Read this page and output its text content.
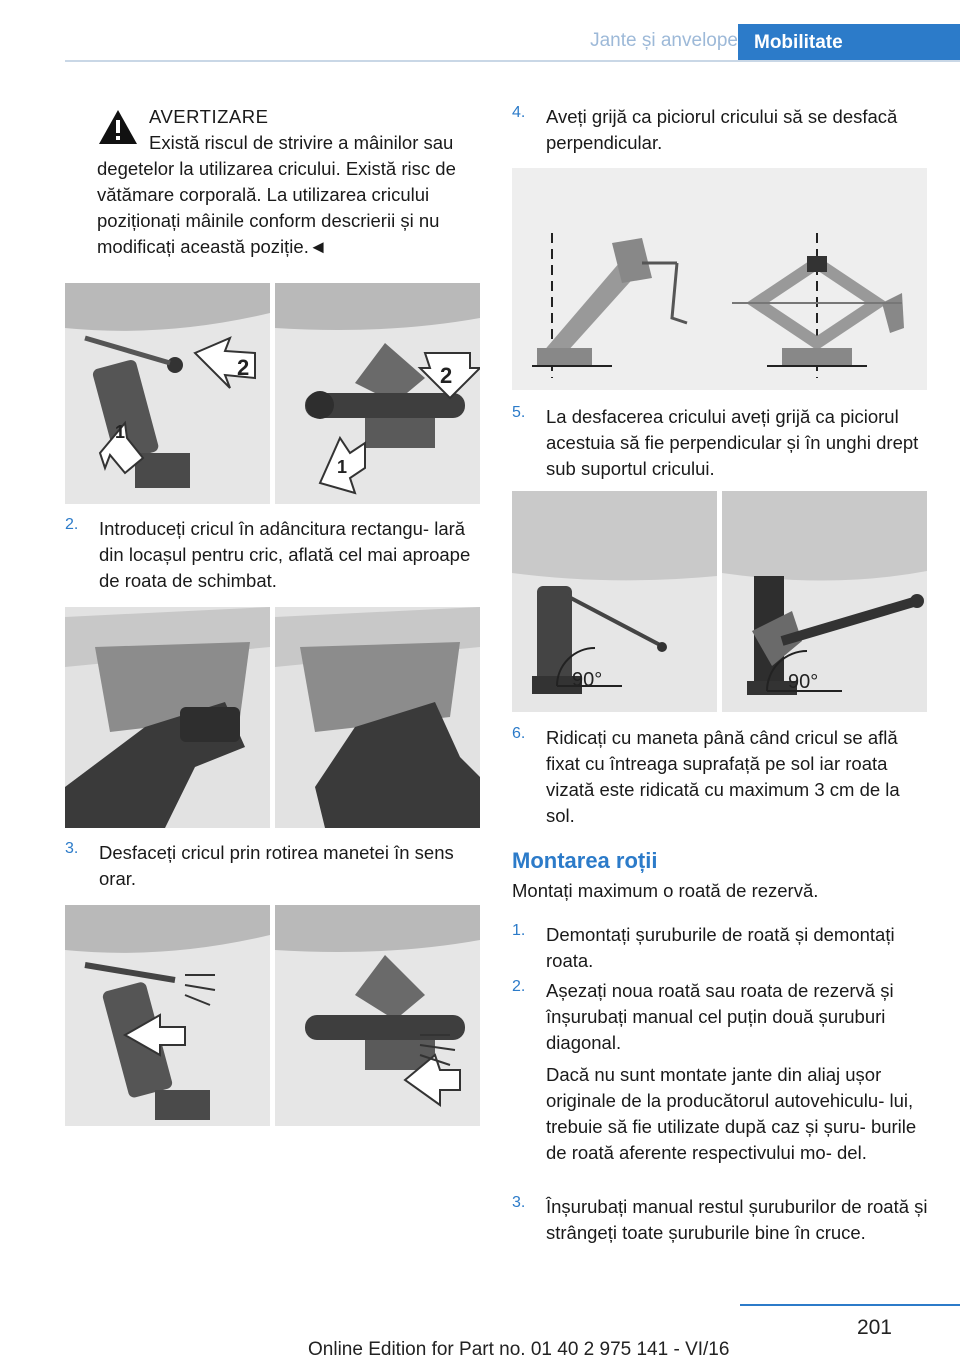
Jante și anvelope Mobilitate
AVERTIZARE
Există riscul de strivire a mâinilor sau
degetelor la utilizarea cricului. Există risc de vătămare corporală. La utilizarea cricului poziționați mâinile conform descrierii și nu modificați această poziție.◄
2
1
2
1
2.	Introduceți cricul în adâncitura rectangu- lară din locașul pentru cric, aflată cel mai aproape de roata de schimbat.
3.	Desfaceți cricul prin rotirea manetei în sens orar.
4.	Aveți grijă ca piciorul cricului să se desfacă perpendicular.
5.	La desfacerea cricului aveți grijă ca piciorul acestuia să fie perpendicular și în unghi drept sub suportul cricului.
90°	90°
6.	Ridicați cu maneta până când cricul se află fixat cu întreaga suprafață pe sol iar roata vizată este ridicată cu maximum 3 cm de la sol.
Montarea roții
Montați maximum o roată de rezervă.
1.	Demontați șuruburile de roată și demontați roata.
2.	Așezați noua roată sau roata de rezervă și înșurubați manual cel puțin două șuruburi diagonal.
Dacă nu sunt montate jante din aliaj ușor originale de la producătorul autovehiculu- lui, trebuie să fie utilizate după caz și șuru- burile de roată aferente respectivului mo- del.
3.	Înșurubați manual restul șuruburilor de roată și strângeți toate șuruburile bine în cruce.
201
Online Edition for Part no. 01 40 2 975 141 - VI/16
